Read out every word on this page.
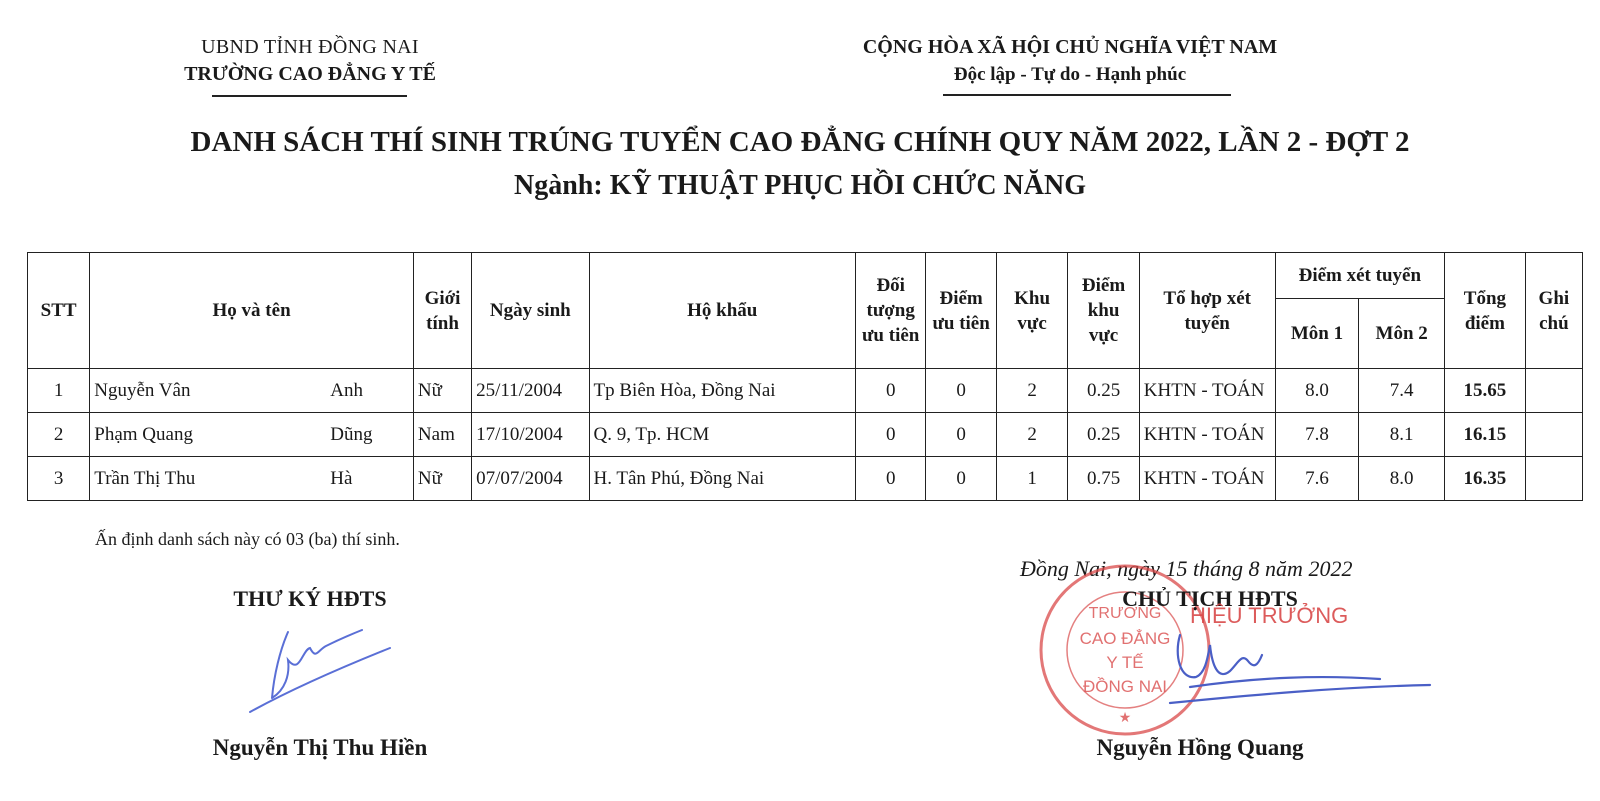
UBND TỈNH ĐỒNG NAI
TRƯỜNG CAO ĐẲNG Y TẾ
CỘNG HÒA XÃ HỘI CHỦ NGHĨA VIỆT NAM
Độc lập - Tự do - Hạnh phúc
DANH SÁCH THÍ SINH TRÚNG TUYỂN CAO ĐẲNG CHÍNH QUY NĂM 2022, LẦN 2 - ĐỢT 2
Ngành: KỸ THUẬT PHỤC HỒI CHỨC NĂNG
STT	Họ và tên	Giới tính	Ngày sinh	Hộ khẩu	Đối tượng ưu tiên	Điểm ưu tiên	Khu vực	Điểm khu vực	Tổ hợp xét tuyển	Điểm xét tuyển		Tổng điểm	Ghi chú
										Môn 1	Môn 2		
1	Nguyễn Vân Anh	Nữ	25/11/2004	Tp Biên Hòa, Đồng Nai	0	0	2	0.25	KHTN - TOÁN	8.0	7.4	15.65	
2	Phạm Quang Dũng	Nam	17/10/2004	Q. 9, Tp. HCM	0	0	2	0.25	KHTN - TOÁN	7.8	8.1	16.15	
3	Trần Thị Thu Hà	Nữ	07/07/2004	H. Tân Phú, Đồng Nai	0	0	1	0.75	KHTN - TOÁN	7.6	8.0	16.35	
Ấn định danh sách này có 03 (ba) thí sinh.
Đồng Nai, ngày 15 tháng 8 năm 2022
THƯ KÝ HĐTS
TRƯỜNG
CAO ĐẲNG
Y TẾ
ĐỒNG NAI
★
CHỦ TỊCH HĐTS
HIỆU TRƯỞNG
Nguyễn Thị Thu Hiền	Nguyễn Hồng Quang
